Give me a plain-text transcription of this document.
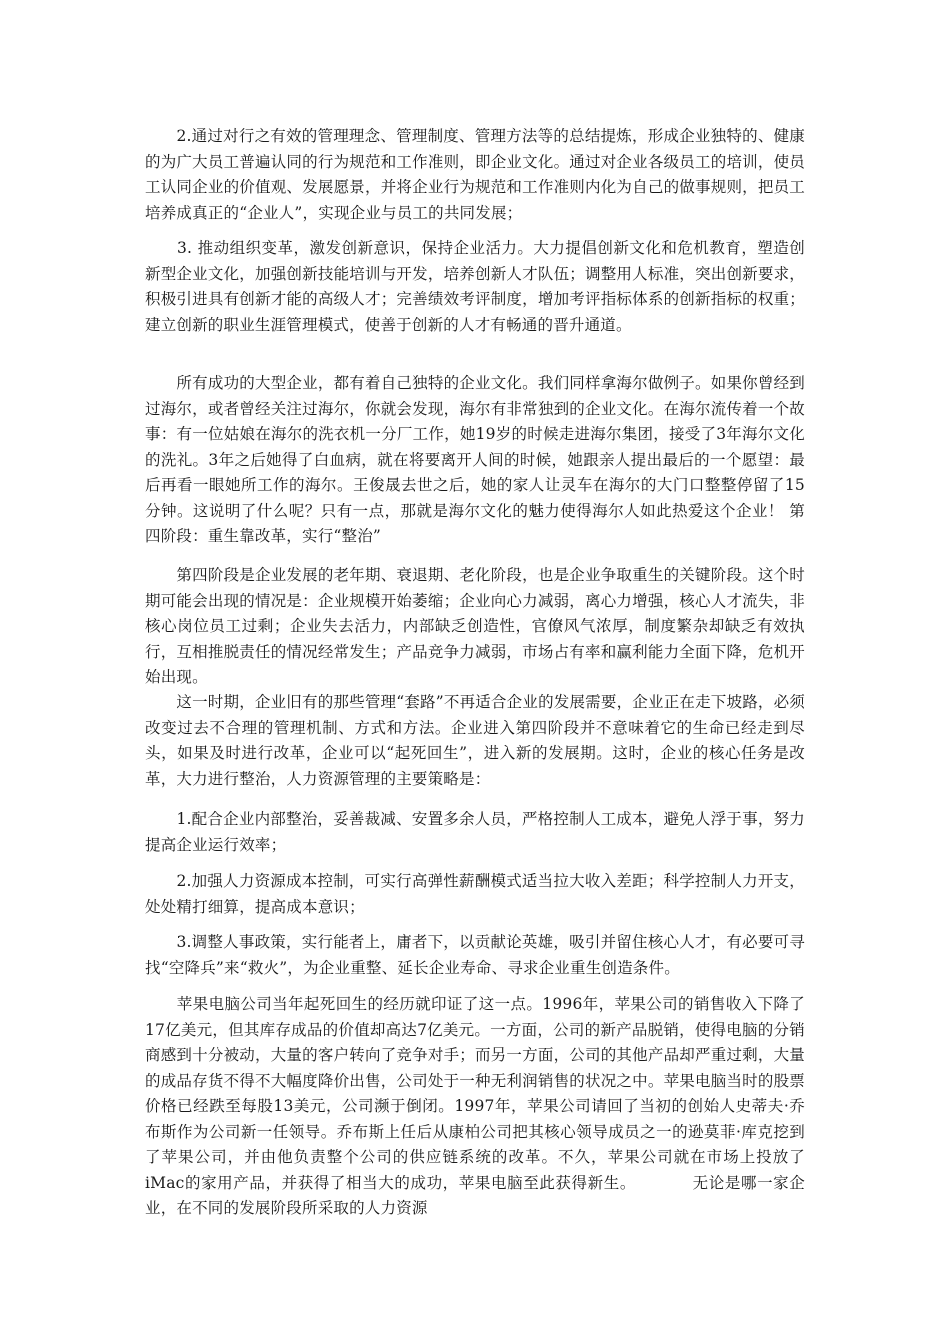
　　2.通过对行之有效的管理理念、管理制度、管理方法等的总结提炼，形成企业独特的、健康的为广大员工普遍认同的行为规范和工作准则，即企业文化。通过对企业各级员工的培训，使员工认同企业的价值观、发展愿景，并将企业行为规范和工作准则内化为自己的做事规则，把员工培养成真正的“企业人”，实现企业与员工的共同发展；

　　3. 推动组织变革，激发创新意识，保持企业活力。大力提倡创新文化和危机教育，塑造创新型企业文化，加强创新技能培训与开发，培养创新人才队伍；调整用人标准，突出创新要求，积极引进具有创新才能的高级人才；完善绩效考评制度，增加考评指标体系的创新指标的权重；建立创新的职业生涯管理模式，使善于创新的人才有畅通的晋升通道。

　　所有成功的大型企业，都有着自己独特的企业文化。我们同样拿海尔做例子。如果你曾经到过海尔，或者曾经关注过海尔，你就会发现，海尔有非常独到的企业文化。在海尔流传着一个故事：有一位姑娘在海尔的洗衣机一分厂工作，她19岁的时候走进海尔集团，接受了3年海尔文化的洗礼。3年之后她得了白血病，就在将要离开人间的时候，她跟亲人提出最后的一个愿望：最后再看一眼她所工作的海尔。王俊晟去世之后，她的家人让灵车在海尔的大门口整整停留了15分钟。这说明了什么呢？只有一点，那就是海尔文化的魅力使得海尔人如此热爱这个企业！ 第四阶段：重生靠改革，实行“整治”

　　第四阶段是企业发展的老年期、衰退期、老化阶段，也是企业争取重生的关键阶段。这个时期可能会出现的情况是：企业规模开始萎缩；企业向心力减弱，离心力增强，核心人才流失，非核心岗位员工过剩；企业失去活力，内部缺乏创造性，官僚风气浓厚，制度繁杂却缺乏有效执行，互相推脱责任的情况经常发生；产品竞争力减弱，市场占有率和赢利能力全面下降，危机开始出现。

　　这一时期，企业旧有的那些管理“套路”不再适合企业的发展需要，企业正在走下坡路，必须改变过去不合理的管理机制、方式和方法。企业进入第四阶段并不意味着它的生命已经走到尽头，如果及时进行改革，企业可以“起死回生”，进入新的发展期。这时，企业的核心任务是改革，大力进行整治，人力资源管理的主要策略是：

　　1.配合企业内部整治，妥善裁减、安置多余人员，严格控制人工成本，避免人浮于事，努力提高企业运行效率；

　　2.加强人力资源成本控制，可实行高弹性薪酬模式适当拉大收入差距；科学控制人力开支，处处精打细算，提高成本意识；

　　3.调整人事政策，实行能者上，庸者下，以贡献论英雄，吸引并留住核心人才，有必要可寻找“空降兵”来“救火”，为企业重整、延长企业寿命、寻求企业重生创造条件。

　　苹果电脑公司当年起死回生的经历就印证了这一点。1996年，苹果公司的销售收入下降了17亿美元，但其库存成品的价值却高达7亿美元。一方面，公司的新产品脱销，使得电脑的分销商感到十分被动，大量的客户转向了竞争对手；而另一方面，公司的其他产品却严重过剩，大量的成品存货不得不大幅度降价出售，公司处于一种无利润销售的状况之中。苹果电脑当时的股票价格已经跌至每股13美元，公司濒于倒闭。1997年，苹果公司请回了当初的创始人史蒂夫·乔布斯作为公司新一任领导。乔布斯上任后从康柏公司把其核心领导成员之一的逊莫菲·库克挖到了苹果公司，并由他负责整个公司的供应链系统的改革。不久，苹果公司就在市场上投放了iMac的家用产品，并获得了相当大的成功，苹果电脑至此获得新生。　　　　无论是哪一家企业，在不同的发展阶段所采取的人力资源
